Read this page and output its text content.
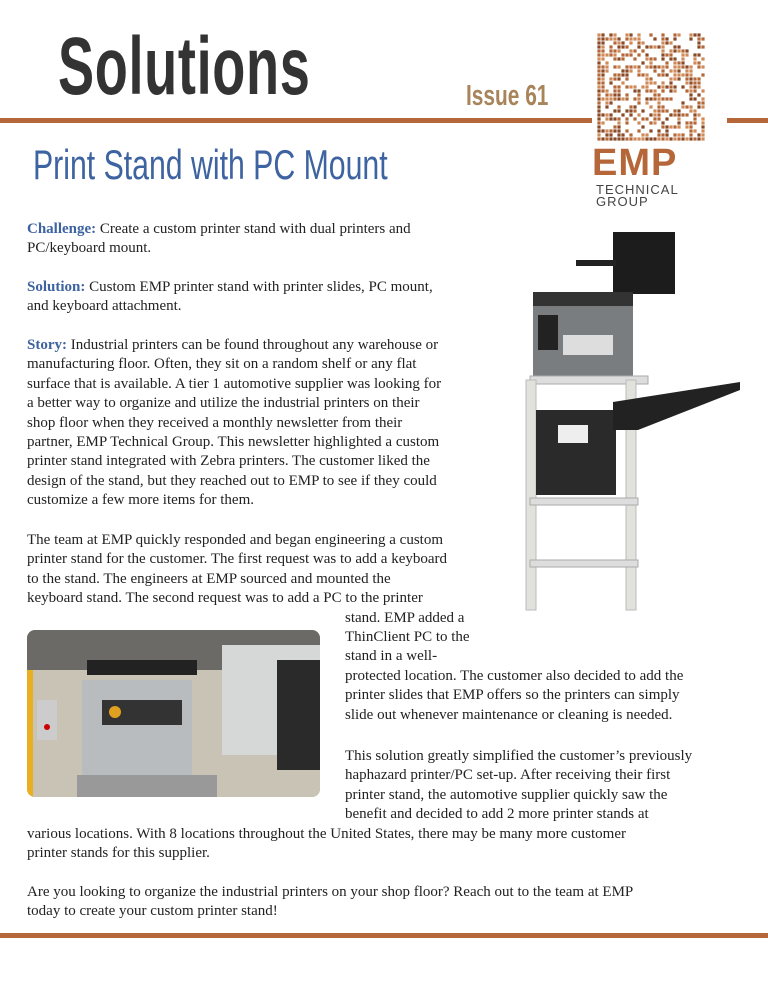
Solutions	Issue 61
Print Stand with PC Mount	EMP
TECHNICAL
GROUP
Challenge: Create a custom printer stand with dual printers and
PC/keyboard mount.
Solution: Custom EMP printer stand with printer slides, PC mount,
and keyboard attachment.
Story: Industrial printers can be found throughout any warehouse or
manufacturing floor. Often, they sit on a random shelf or any flat
surface that is available. A tier 1 automotive supplier was looking for
a better way to organize and utilize the industrial printers on their
shop floor when they received a monthly newsletter from their
partner, EMP Technical Group. This newsletter highlighted a custom
printer stand integrated with Zebra printers. The customer liked the
design of the stand, but they reached out to EMP to see if they could
customize a few more items for them.
The team at EMP quickly responded and began engineering a custom
printer stand for the customer. The first request was to add a keyboard
to the stand. The engineers at EMP sourced and mounted the
keyboard stand. The second request was to add a PC to the printer
stand. EMP added a
ThinClient PC to the
stand in a well-
protected location. The customer also decided to add the
printer slides that EMP offers so the printers can simply
slide out whenever maintenance or cleaning is needed.
This solution greatly simplified the customer’s previously
haphazard printer/PC set-up. After receiving their first
printer stand, the automotive supplier quickly saw the
benefit and decided to add 2 more printer stands at
various locations. With 8 locations throughout the United States, there may be many more customer
printer stands for this supplier.
Are you looking to organize the industrial printers on your shop floor? Reach out to the team at EMP
today to create your custom printer stand!
